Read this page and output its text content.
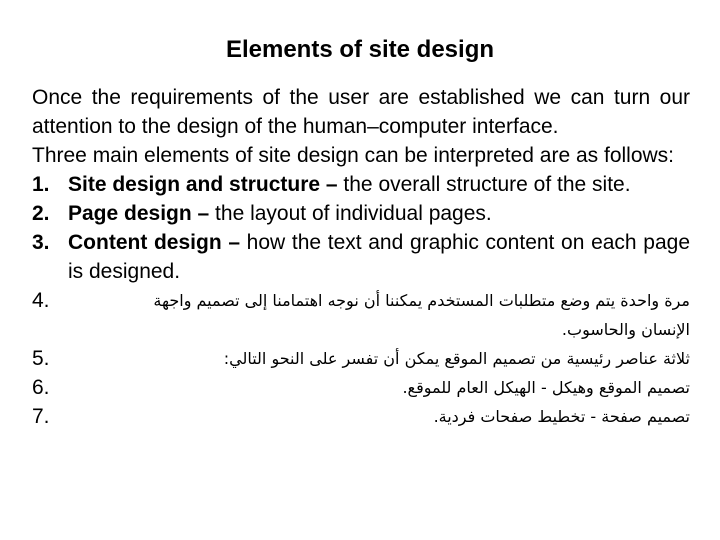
Elements of site design

Once the requirements of the user are established we can turn our attention to the design of the human–computer interface.

Three main elements of site design can be interpreted are as follows:

1. Site design and structure – the overall structure of the site.
2. Page design – the layout of individual pages.
3. Content design – how the text and graphic content on each page is designed.
4.	مرة واحدة يتم وضع متطلبات المستخدم يمكننا أن نوجه اهتمامنا إلى تصميم واجهة
الإنسان والحاسوب.
5.	ثلاثة عناصر رئيسية من تصميم الموقع يمكن أن تفسر على النحو التالي:
6.	تصميم الموقع وهيكل - الهيكل العام للموقع.
7.	تصميم صفحة - تخطيط صفحات فردية.
